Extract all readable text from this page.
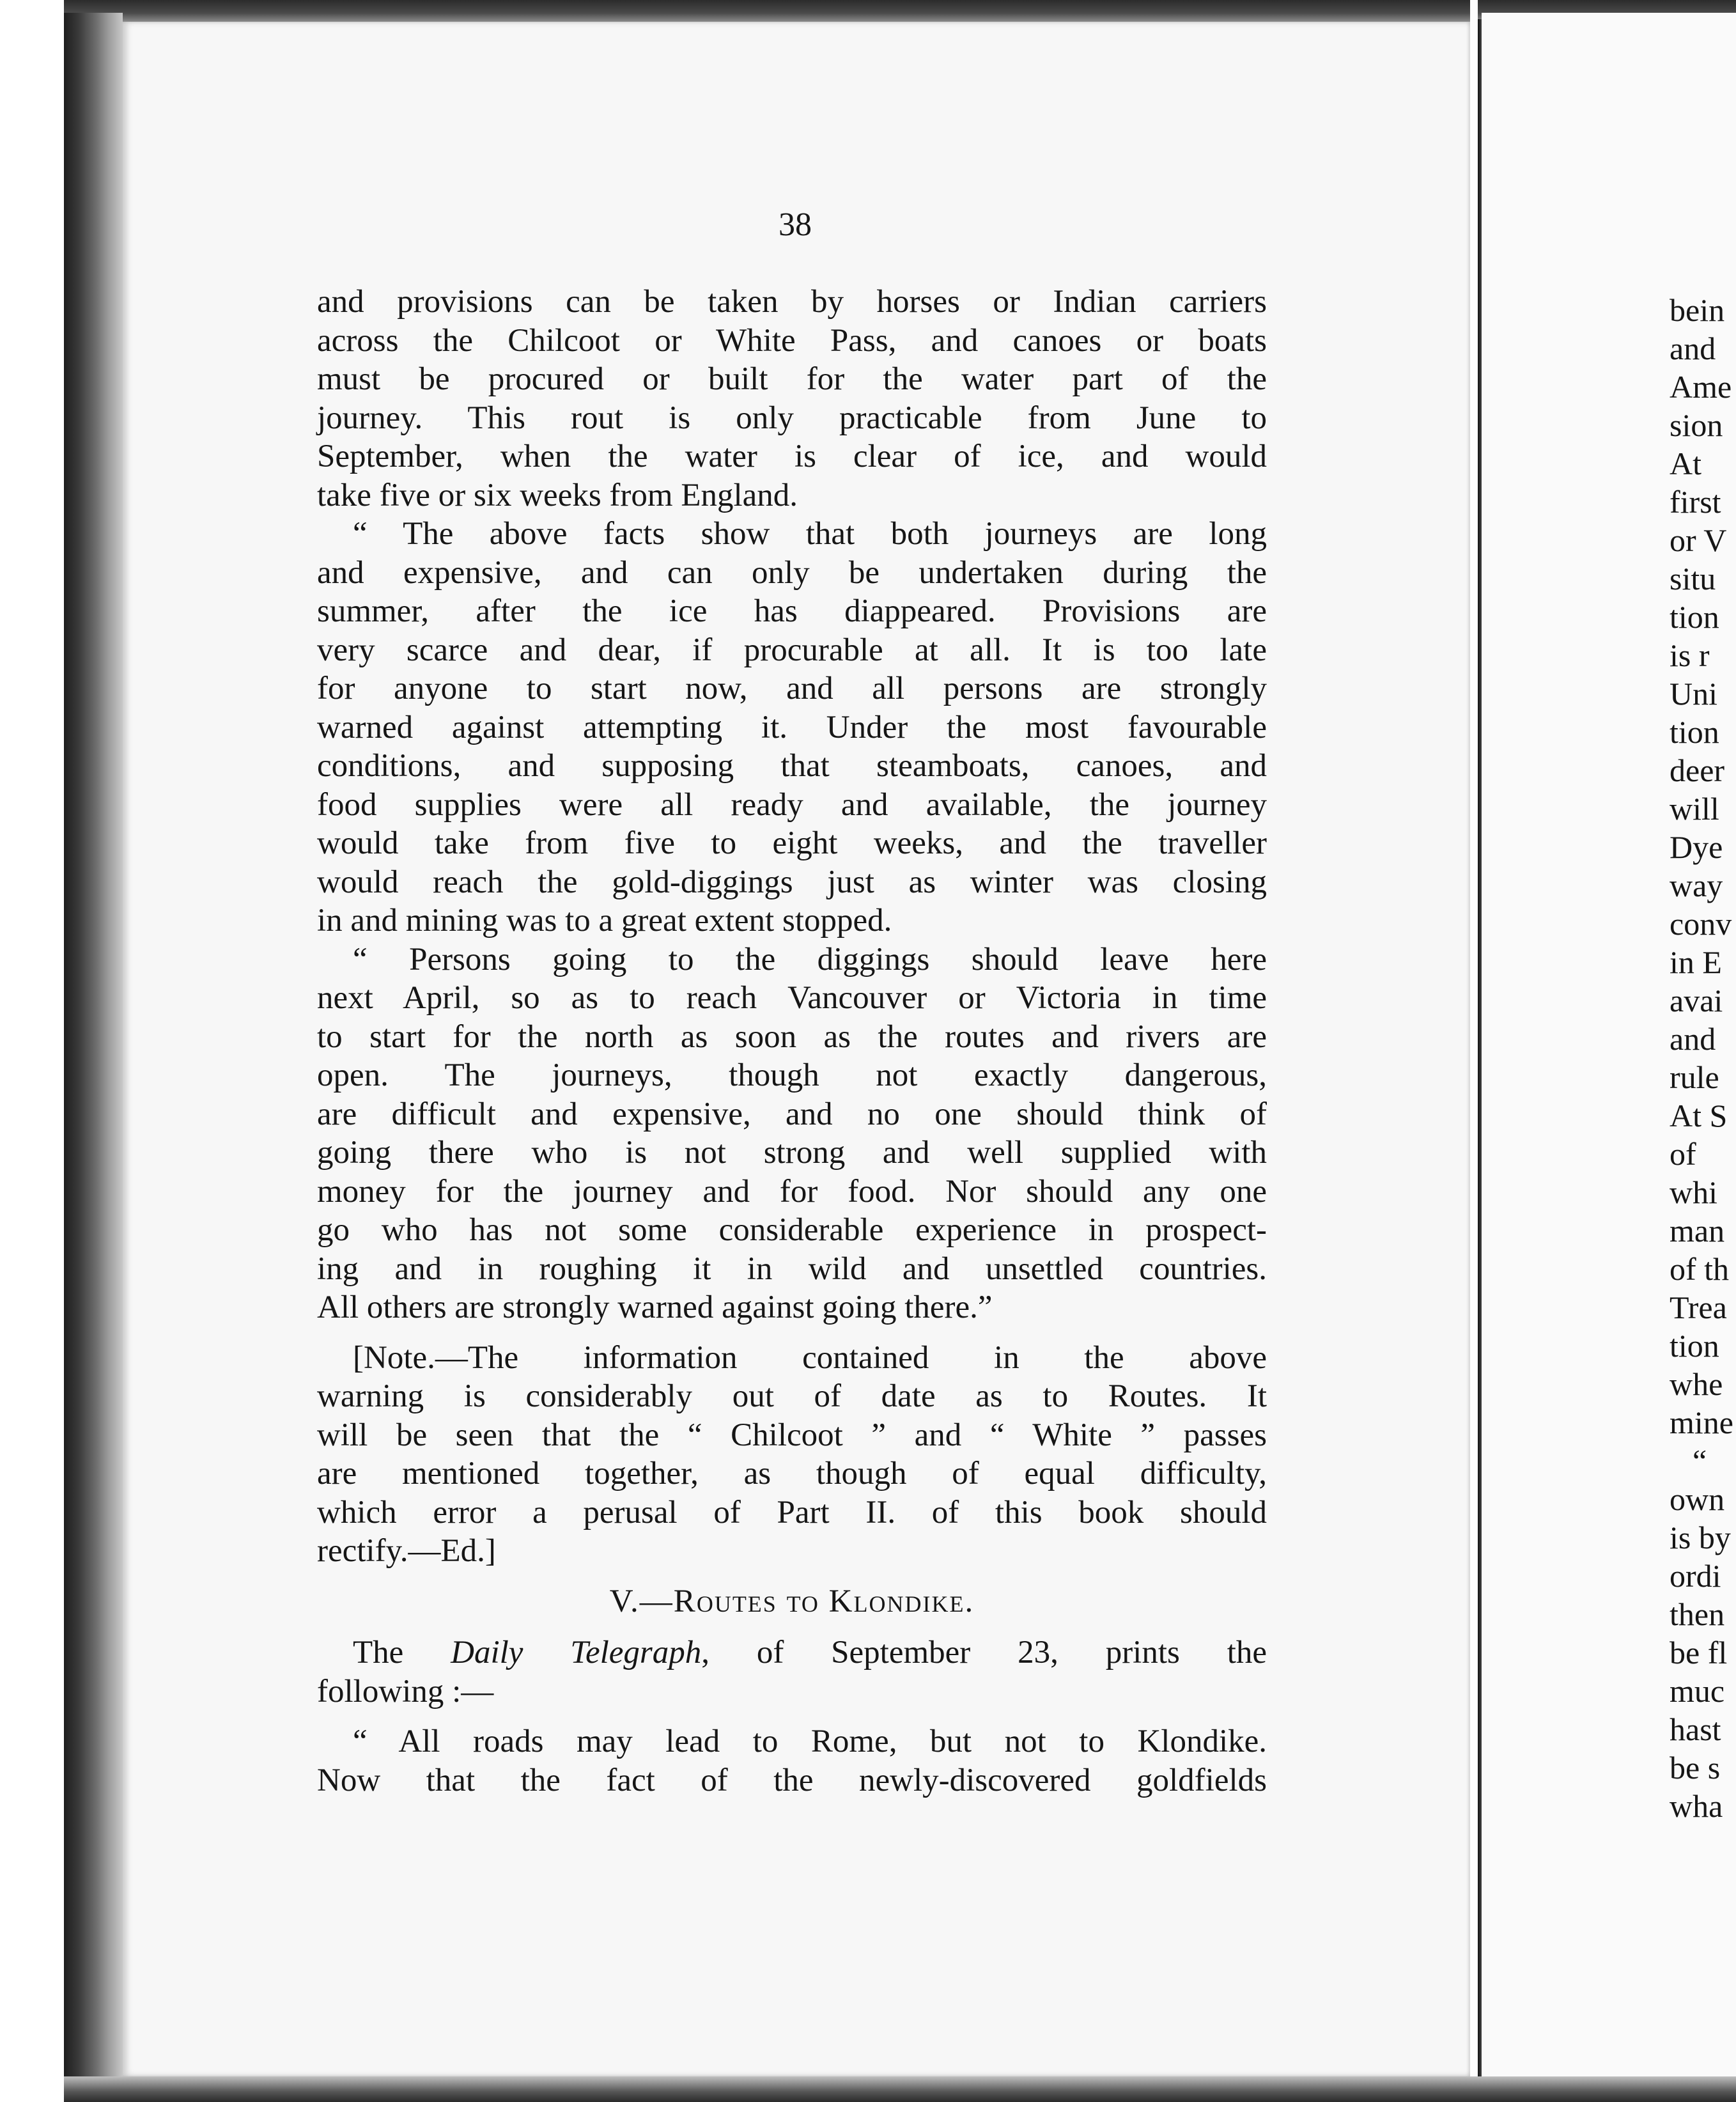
38
and provisions can be taken by horses or Indian carriers
across the Chilcoot or White Pass, and canoes or boats
must be procured or built for the water part of the
journey. This rout is only practicable from June to
September, when the water is clear of ice, and would
take five or six weeks from England.
“ The above facts show that both journeys are long
and expensive, and can only be undertaken during the
summer, after the ice has diappeared. Provisions are
very scarce and dear, if procurable at all. It is too late
for anyone to start now, and all persons are strongly
warned against attempting it. Under the most favourable
conditions, and supposing that steamboats, canoes, and
food supplies were all ready and available, the journey
would take from five to eight weeks, and the traveller
would reach the gold-diggings just as winter was closing
in and mining was to a great extent stopped.
“ Persons going to the diggings should leave here
next April, so as to reach Vancouver or Victoria in time
to start for the north as soon as the routes and rivers are
open. The journeys, though not exactly dangerous,
are difficult and expensive, and no one should think of
going there who is not strong and well supplied with
money for the journey and for food. Nor should any one
go who has not some considerable experience in prospect-
ing and in roughing it in wild and unsettled countries.
All others are strongly warned against going there.”
[Note.—The information contained in the above
warning is considerably out of date as to Routes. It
will be seen that the “ Chilcoot ” and “ White ” passes
are mentioned together, as though of equal difficulty,
which error a perusal of Part II. of this book should
rectify.—Ed.]
V.—Routes to Klondike.
The Daily Telegraph, of September 23, prints the
following :—
“ All roads may lead to Rome, but not to Klondike.
Now that the fact of the newly-discovered goldfields
bein
and
Ame
sion
At
first
or V
situ
tion
is r
Uni
tion
deer
will
Dye
way
conv
in E
avai
and
rule
At S
of
whi
man
of th
Trea
tion
whe
mine
“
own
is by
ordi
then
be fl
muc
hast
be s
wha
